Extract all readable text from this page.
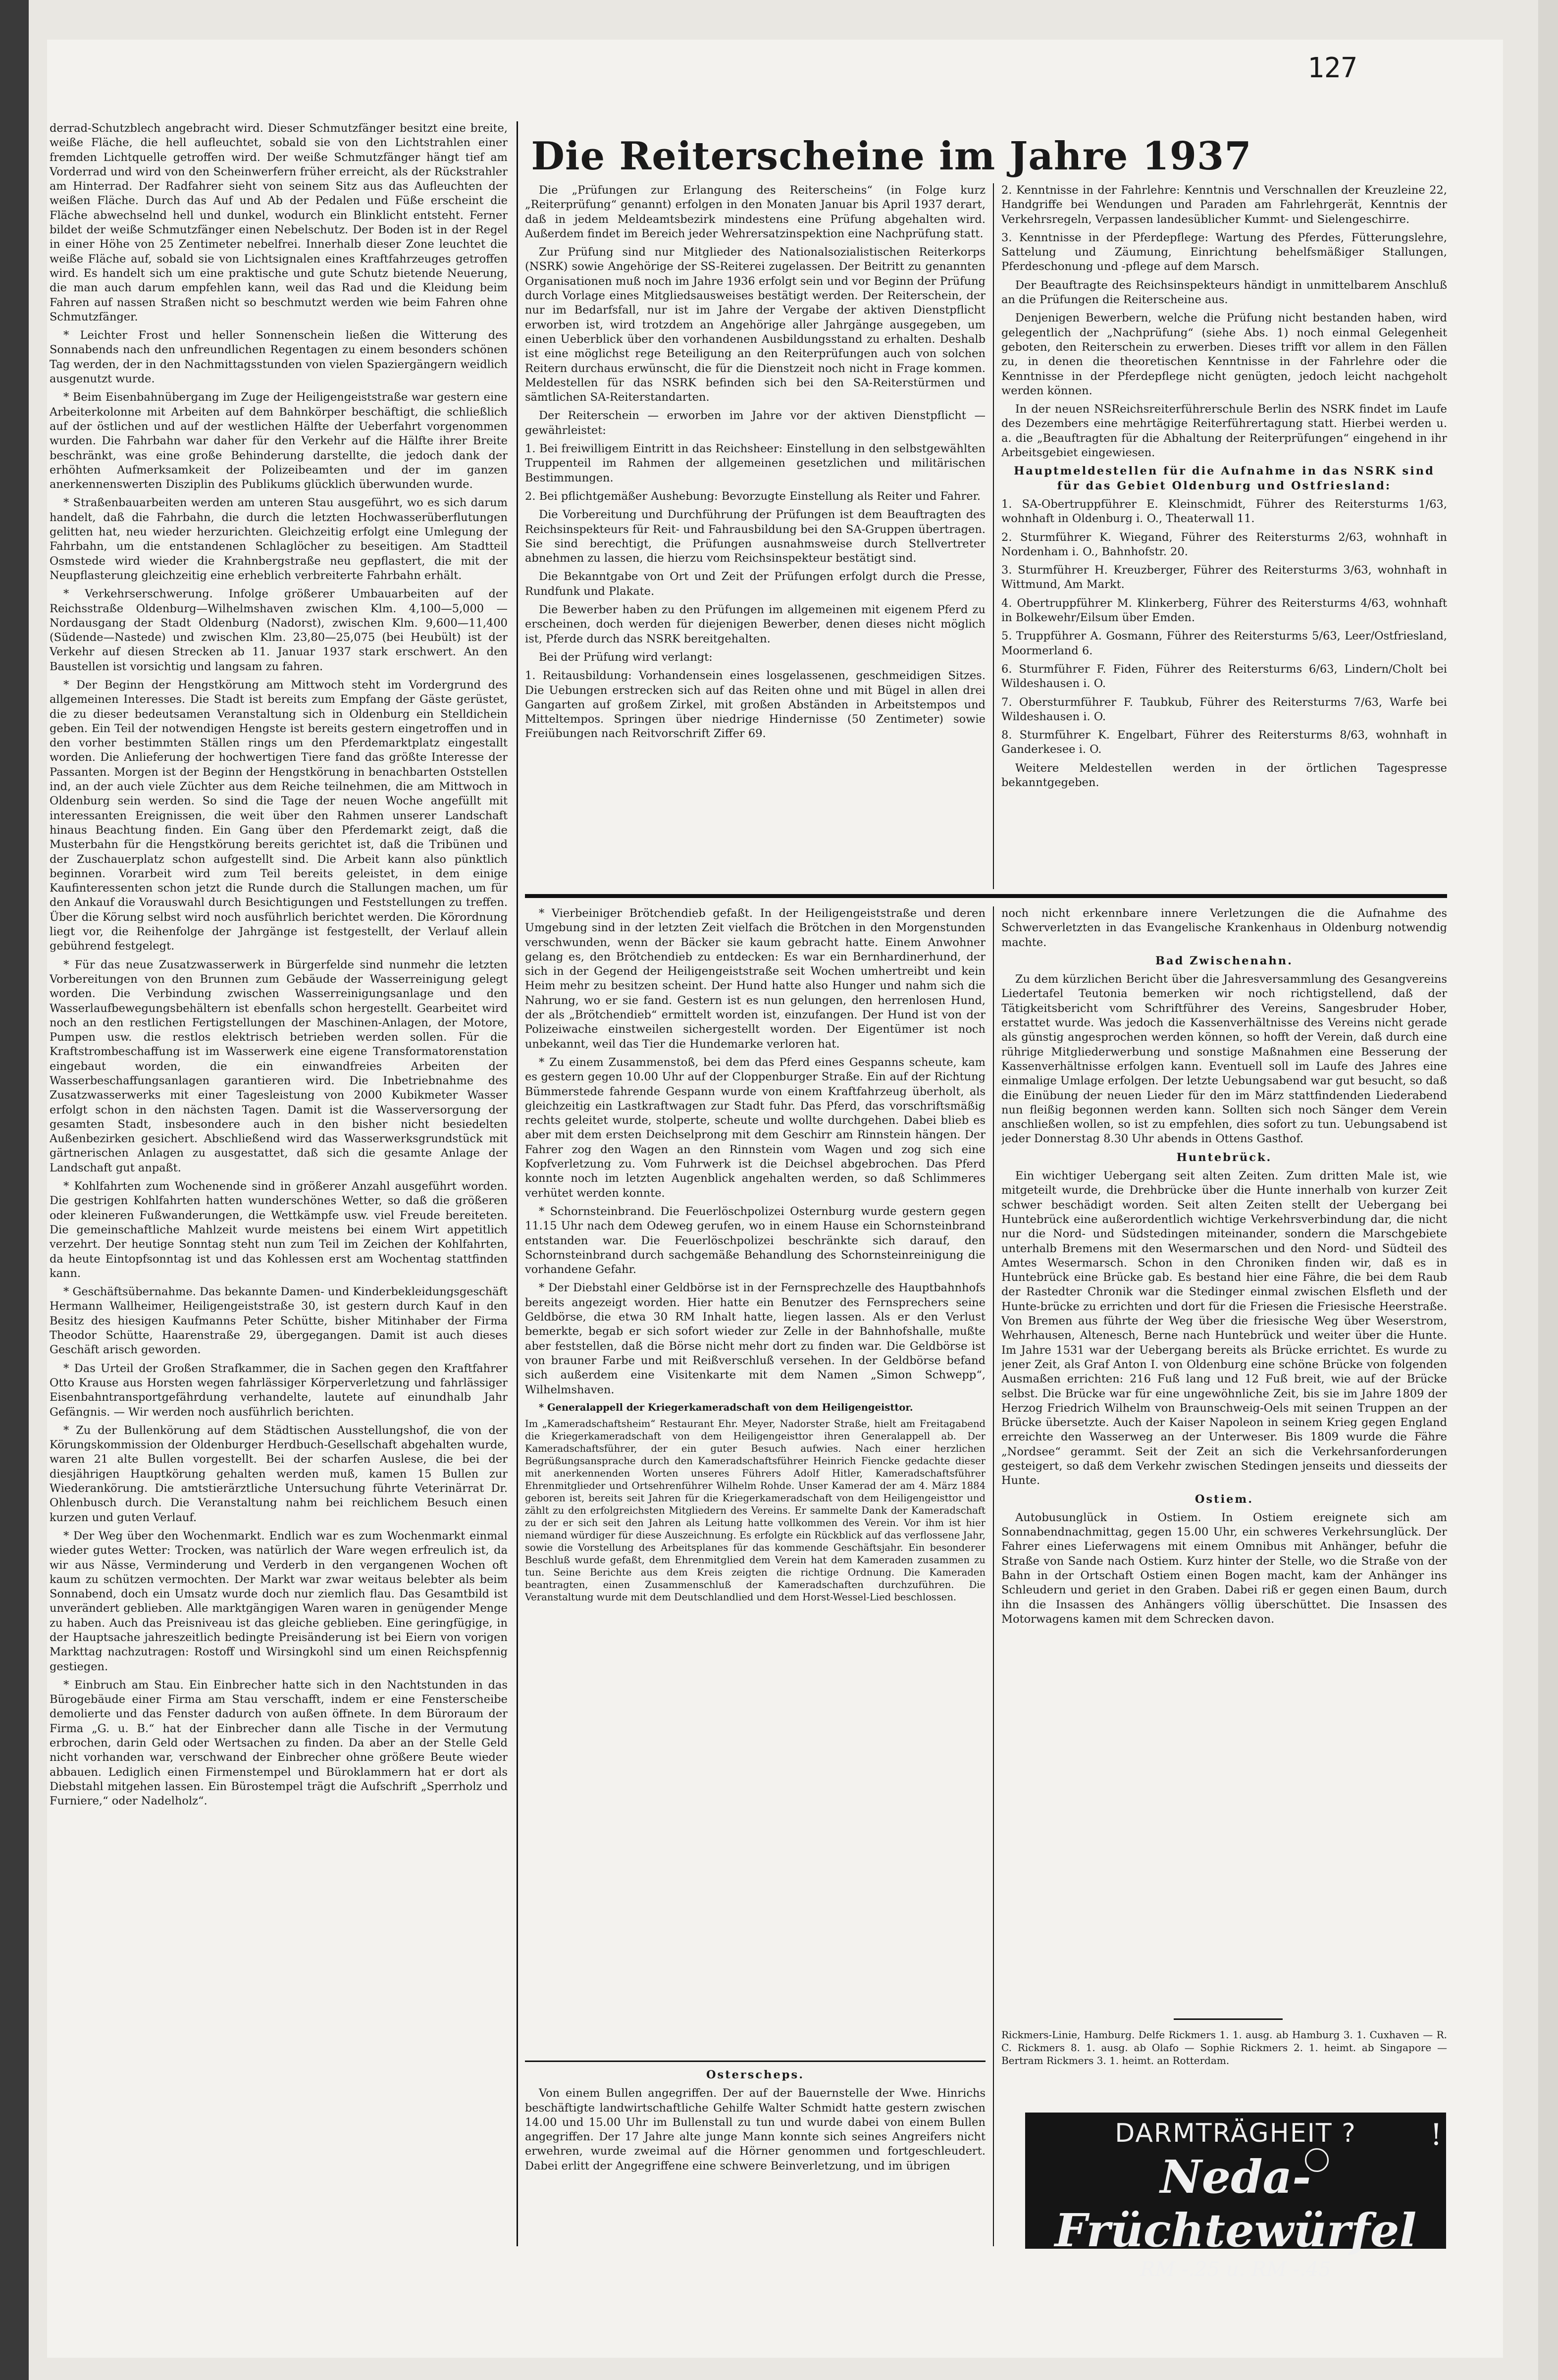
127

derrad-Schutzblech angebracht wird. Dieser Schmutzfänger besitzt eine breite, weiße Fläche, die hell aufleuchtet, sobald sie von den Lichtstrahlen einer fremden Lichtquelle getroffen wird. Der weiße Schmutzfänger hängt tief am Vorderrad und wird von den Scheinwerfern früher erreicht, als der Rückstrahler am Hinterrad. Der Radfahrer sieht von seinem Sitz aus das Aufleuchten der weißen Fläche. Durch das Auf und Ab der Pedalen und Füße erscheint die Fläche abwechselnd hell und dunkel, wodurch ein Blinklicht entsteht. Ferner bildet der weiße Schmutzfänger einen Nebelschutz. Der Boden ist in der Regel in einer Höhe von 25 Zentimeter nebelfrei. Innerhalb dieser Zone leuchtet die weiße Fläche auf, sobald sie von Lichtsignalen eines Kraftfahrzeuges getroffen wird. Es handelt sich um eine praktische und gute Schutz bietende Neuerung, die man auch darum empfehlen kann, weil das Rad und die Kleidung beim Fahren auf nassen Straßen nicht so beschmutzt werden wie beim Fahren ohne Schmutzfänger.

* Leichter Frost und heller Sonnenschein ließen die Witterung des Sonnabends nach den unfreundlichen Regentagen zu einem besonders schönen Tag werden, der in den Nachmittagsstunden von vielen Spaziergängern weidlich ausgenutzt wurde.

* Beim Eisenbahnübergang im Zuge der Heiligengeiststraße war gestern eine Arbeiterkolonne mit Arbeiten auf dem Bahnkörper beschäftigt, die schließlich auf der östlichen und auf der westlichen Hälfte der Ueberfahrt vorgenommen wurden. Die Fahrbahn war daher für den Verkehr auf die Hälfte ihrer Breite beschränkt, was eine große Behinderung darstellte, die jedoch dank der erhöhten Aufmerksamkeit der Polizeibeamten und der im ganzen anerkennenswerten Disziplin des Publikums glücklich überwunden wurde.

* Straßenbauarbeiten werden am unteren Stau ausgeführt, wo es sich darum handelt, daß die Fahrbahn, die durch die letzten Hochwasserüberflutungen gelitten hat, neu wieder herzurichten. Gleichzeitig erfolgt eine Umlegung der Fahrbahn, um die entstandenen Schlaglöcher zu beseitigen. Am Stadtteil Osmstede wird wieder die Krahnbergstraße neu gepflastert, die mit der Neupflasterung gleichzeitig eine erheblich verbreiterte Fahrbahn erhält.

* Verkehrserschwerung. Infolge größerer Umbauarbeiten auf der Reichsstraße Oldenburg—Wilhelmshaven zwischen Klm. 4,100—5,000 — Nordausgang der Stadt Oldenburg (Nadorst), zwischen Klm. 9,600—11,400 (Südende—Nastede) und zwischen Klm. 23,80—25,075 (bei Heubült) ist der Verkehr auf diesen Strecken ab 11. Januar 1937 stark erschwert. An den Baustellen ist vorsichtig und langsam zu fahren.

* Der Beginn der Hengstkörung am Mittwoch steht im Vordergrund des allgemeinen Interesses. Die Stadt ist bereits zum Empfang der Gäste gerüstet, die zu dieser bedeutsamen Veranstaltung sich in Oldenburg ein Stelldichein geben. Ein Teil der notwendigen Hengste ist bereits gestern eingetroffen und in den vorher bestimmten Ställen rings um den Pferdemarktplatz eingestallt worden. Die Anlieferung der hochwertigen Tiere fand das größte Interesse der Passanten. Morgen ist der Beginn der Hengstkörung in benachbarten Oststellen ind, an der auch viele Züchter aus dem Reiche teilnehmen, die am Mittwoch in Oldenburg sein werden. So sind die Tage der neuen Woche angefüllt mit interessanten Ereignissen, die weit über den Rahmen unserer Landschaft hinaus Beachtung finden. Ein Gang über den Pferdemarkt zeigt, daß die Musterbahn für die Hengstkörung bereits gerichtet ist, daß die Tribünen und der Zuschauerplatz schon aufgestellt sind. Die Arbeit kann also pünktlich beginnen. Vorarbeit wird zum Teil bereits geleistet, in dem einige Kaufinteressenten schon jetzt die Runde durch die Stallungen machen, um für den Ankauf die Vorauswahl durch Besichtigungen und Feststellungen zu treffen. Über die Körung selbst wird noch ausführlich berichtet werden. Die Körordnung liegt vor, die Reihenfolge der Jahrgänge ist festgestellt, der Verlauf allein gebührend festgelegt.

* Für das neue Zusatzwasserwerk in Bürgerfelde sind nunmehr die letzten Vorbereitungen von den Brunnen zum Gebäude der Wasserreinigung gelegt worden. Die Verbindung zwischen Wasserreinigungsanlage und den Wasserlaufbewegungsbehältern ist ebenfalls schon hergestellt. Gearbeitet wird noch an den restlichen Fertigstellungen der Maschinen-Anlagen, der Motore, Pumpen usw. die restlos elektrisch betrieben werden sollen. Für die Kraftstrombeschaffung ist im Wasserwerk eine eigene Transformatorenstation eingebaut worden, die ein einwandfreies Arbeiten der Wasserbeschaffungsanlagen garantieren wird. Die Inbetriebnahme des Zusatzwasserwerks mit einer Tagesleistung von 2000 Kubikmeter Wasser erfolgt schon in den nächsten Tagen. Damit ist die Wasserversorgung der gesamten Stadt, insbesondere auch in den bisher nicht besiedelten Außenbezirken gesichert. Abschließend wird das Wasserwerksgrundstück mit gärtnerischen Anlagen zu ausgestattet, daß sich die gesamte Anlage der Landschaft gut anpaßt.

* Kohlfahrten zum Wochenende sind in größerer Anzahl ausgeführt worden. Die gestrigen Kohlfahrten hatten wunderschönes Wetter, so daß die größeren oder kleineren Fußwanderungen, die Wettkämpfe usw. viel Freude bereiteten. Die gemeinschaftliche Mahlzeit wurde meistens bei einem Wirt appetitlich verzehrt. Der heutige Sonntag steht nun zum Teil im Zeichen der Kohlfahrten, da heute Eintopfsonntag ist und das Kohlessen erst am Wochentag stattfinden kann.

* Geschäftsübernahme. Das bekannte Damen- und Kinderbekleidungsgeschäft Hermann Wallheimer, Heiligengeiststraße 30, ist gestern durch Kauf in den Besitz des hiesigen Kaufmanns Peter Schütte, bisher Mitinhaber der Firma Theodor Schütte, Haarenstraße 29, übergegangen. Damit ist auch dieses Geschäft arisch geworden.

* Das Urteil der Großen Strafkammer, die in Sachen gegen den Kraftfahrer Otto Krause aus Horsten wegen fahrlässiger Körperverletzung und fahrlässiger Eisenbahntransportgefährdung verhandelte, lautete auf einundhalb Jahr Gefängnis. — Wir werden noch ausführlich berichten.

* Zu der Bullenkörung auf dem Städtischen Ausstellungshof, die von der Körungskommission der Oldenburger Herdbuch-Gesellschaft abgehalten wurde, waren 21 alte Bullen vorgestellt. Bei der scharfen Auslese, die bei der diesjährigen Hauptkörung gehalten werden muß, kamen 15 Bullen zur Wiederankörung. Die amtstierärztliche Untersuchung führte Veterinärrat Dr. Ohlenbusch durch. Die Veranstaltung nahm bei reichlichem Besuch einen kurzen und guten Verlauf.

* Der Weg über den Wochenmarkt. Endlich war es zum Wochenmarkt einmal wieder gutes Wetter: Trocken, was natürlich der Ware wegen erfreulich ist, da wir aus Nässe, Verminderung und Verderb in den vergangenen Wochen oft kaum zu schützen vermochten. Der Markt war zwar weitaus belebter als beim Sonnabend, doch ein Umsatz wurde doch nur ziemlich flau. Das Gesamtbild ist unverändert geblieben. Alle marktgängigen Waren waren in genügender Menge zu haben. Auch das Preisniveau ist das gleiche geblieben. Eine geringfügige, in der Hauptsache jahreszeitlich bedingte Preisänderung ist bei Eiern von vorigen Markttag nachzutragen: Rostoff und Wirsingkohl sind um einen Reichspfennig gestiegen.

* Einbruch am Stau. Ein Einbrecher hatte sich in den Nachtstunden in das Bürogebäude einer Firma am Stau verschafft, indem er eine Fensterscheibe demolierte und das Fenster dadurch von außen öffnete. In dem Büroraum der Firma „G. u. B.“ hat der Einbrecher dann alle Tische in der Vermutung erbrochen, darin Geld oder Wertsachen zu finden. Da aber an der Stelle Geld nicht vorhanden war, verschwand der Einbrecher ohne größere Beute wieder abbauen. Lediglich einen Firmenstempel und Büroklammern hat er dort als Diebstahl mitgehen lassen. Ein Bürostempel trägt die Aufschrift „Sperrholz und Furniere,“ oder Nadelholz“.

Die Reiterscheine im Jahre 1937

Die „Prüfungen zur Erlangung des Reiterscheins“ (in Folge kurz „Reiterprüfung“ genannt) erfolgen in den Monaten Januar bis April 1937 derart, daß in jedem Meldeamtsbezirk mindestens eine Prüfung abgehalten wird. Außerdem findet im Bereich jeder Wehrersatzinspektion eine Nachprüfung statt.

Zur Prüfung sind nur Mitglieder des Nationalsozialistischen Reiterkorps (NSRK) sowie Angehörige der SS-Reiterei zugelassen. Der Beitritt zu genannten Organisationen muß noch im Jahre 1936 erfolgt sein und vor Beginn der Prüfung durch Vorlage eines Mitgliedsausweises bestätigt werden. Der Reiterschein, der nur im Bedarfsfall, nur ist im Jahre der Vergabe der aktiven Dienstpflicht erworben ist, wird trotzdem an Angehörige aller Jahrgänge ausgegeben, um einen Ueberblick über den vorhandenen Ausbildungsstand zu erhalten. Deshalb ist eine möglichst rege Beteiligung an den Reiterprüfungen auch von solchen Reitern durchaus erwünscht, die für die Dienstzeit noch nicht in Frage kommen. Meldestellen für das NSRK befinden sich bei den SA-Reiterstürmen und sämtlichen SA-Reiterstandarten.

Der Reiterschein — erworben im Jahre vor der aktiven Dienstpflicht — gewährleistet:

1. Bei freiwilligem Eintritt in das Reichsheer: Einstellung in den selbstgewählten Truppenteil im Rahmen der allgemeinen gesetzlichen und militärischen Bestimmungen.

2. Bei pflichtgemäßer Aushebung: Bevorzugte Einstellung als Reiter und Fahrer.

Die Vorbereitung und Durchführung der Prüfungen ist dem Beauftragten des Reichsinspekteurs für Reit- und Fahrausbildung bei den SA-Gruppen übertragen. Sie sind berechtigt, die Prüfungen ausnahmsweise durch Stellvertreter abnehmen zu lassen, die hierzu vom Reichsinspekteur bestätigt sind.

Die Bekanntgabe von Ort und Zeit der Prüfungen erfolgt durch die Presse, Rundfunk und Plakate.

Die Bewerber haben zu den Prüfungen im allgemeinen mit eigenem Pferd zu erscheinen, doch werden für diejenigen Bewerber, denen dieses nicht möglich ist, Pferde durch das NSRK bereitgehalten.

Bei der Prüfung wird verlangt:

1. Reitausbildung: Vorhandensein eines losgelassenen, geschmeidigen Sitzes. Die Uebungen erstrecken sich auf das Reiten ohne und mit Bügel in allen drei Gangarten auf großem Zirkel, mit großen Abständen in Arbeitstempos und Mitteltempos. Springen über niedrige Hindernisse (50 Zentimeter) sowie Freiübungen nach Reitvorschrift Ziffer 69.

2. Kenntnisse in der Fahrlehre: Kenntnis und Verschnallen der Kreuzleine 22, Handgriffe bei Wendungen und Paraden am Fahrlehrgerät, Kenntnis der Verkehrsregeln, Verpassen landesüblicher Kummt- und Sielengeschirre.

3. Kenntnisse in der Pferdepflege: Wartung des Pferdes, Fütterungslehre, Sattelung und Zäumung, Einrichtung behelfsmäßiger Stallungen, Pferdeschonung und -pflege auf dem Marsch.

Der Beauftragte des Reichsinspekteurs händigt in unmittelbarem Anschluß an die Prüfungen die Reiterscheine aus.

Denjenigen Bewerbern, welche die Prüfung nicht bestanden haben, wird gelegentlich der „Nachprüfung“ (siehe Abs. 1) noch einmal Gelegenheit geboten, den Reiterschein zu erwerben. Dieses trifft vor allem in den Fällen zu, in denen die theoretischen Kenntnisse in der Fahrlehre oder die Kenntnisse in der Pferdepflege nicht genügten, jedoch leicht nachgeholt werden können.

In der neuen NSReichsreiterführerschule Berlin des NSRK findet im Laufe des Dezembers eine mehrtägige Reiterführertagung statt. Hierbei werden u. a. die „Beauftragten für die Abhaltung der Reiterprüfungen“ eingehend in ihr Arbeitsgebiet eingewiesen.

Hauptmeldestellen für die Aufnahme in das NSRK sind für das Gebiet Oldenburg und Ostfriesland:

1. SA-Obertruppführer E. Kleinschmidt, Führer des Reitersturms 1/63, wohnhaft in Oldenburg i. O., Theaterwall 11.

2. Sturmführer K. Wiegand, Führer des Reitersturms 2/63, wohnhaft in Nordenham i. O., Bahnhofstr. 20.

3. Sturmführer H. Kreuzberger, Führer des Reitersturms 3/63, wohnhaft in Wittmund, Am Markt.

4. Obertruppführer M. Klinkerberg, Führer des Reitersturms 4/63, wohnhaft in Bolkewehr/Eilsum über Emden.

5. Truppführer A. Gosmann, Führer des Reitersturms 5/63, Leer/Ostfriesland, Moormerland 6.

6. Sturmführer F. Fiden, Führer des Reitersturms 6/63, Lindern/Cholt bei Wildeshausen i. O.

7. Obersturmführer F. Taubkub, Führer des Reitersturms 7/63, Warfe bei Wildeshausen i. O.

8. Sturmführer K. Engelbart, Führer des Reitersturms 8/63, wohnhaft in Ganderkesee i. O.

Weitere Meldestellen werden in der örtlichen Tagespresse bekanntgegeben.

* Vierbeiniger Brötchendieb gefaßt. In der Heiligengeiststraße und deren Umgebung sind in der letzten Zeit vielfach die Brötchen in den Morgenstunden verschwunden, wenn der Bäcker sie kaum gebracht hatte. Einem Anwohner gelang es, den Brötchendieb zu entdecken: Es war ein Bernhardinerhund, der sich in der Gegend der Heiligengeiststraße seit Wochen umhertreibt und kein Heim mehr zu besitzen scheint. Der Hund hatte also Hunger und nahm sich die Nahrung, wo er sie fand. Gestern ist es nun gelungen, den herrenlosen Hund, der als „Brötchendieb“ ermittelt worden ist, einzufangen. Der Hund ist von der Polizeiwache einstweilen sichergestellt worden. Der Eigentümer ist noch unbekannt, weil das Tier die Hundemarke verloren hat.

* Zu einem Zusammenstoß, bei dem das Pferd eines Gespanns scheute, kam es gestern gegen 10.00 Uhr auf der Cloppenburger Straße. Ein auf der Richtung Bümmerstede fahrende Gespann wurde von einem Kraftfahrzeug überholt, als gleichzeitig ein Lastkraftwagen zur Stadt fuhr. Das Pferd, das vorschriftsmäßig rechts geleitet wurde, stolperte, scheute und wollte durchgehen. Dabei blieb es aber mit dem ersten Deichselprong mit dem Geschirr am Rinnstein hängen. Der Fahrer zog den Wagen an den Rinnstein vom Wagen und zog sich eine Kopfverletzung zu. Vom Fuhrwerk ist die Deichsel abgebrochen. Das Pferd konnte noch im letzten Augenblick angehalten werden, so daß Schlimmeres verhütet werden konnte.

* Schornsteinbrand. Die Feuerlöschpolizei Osternburg wurde gestern gegen 11.15 Uhr nach dem Odeweg gerufen, wo in einem Hause ein Schornsteinbrand entstanden war. Die Feuerlöschpolizei beschränkte sich darauf, den Schornsteinbrand durch sachgemäße Behandlung des Schornsteinreinigung die vorhandene Gefahr.

* Der Diebstahl einer Geldbörse ist in der Fernsprechzelle des Hauptbahnhofs bereits angezeigt worden. Hier hatte ein Benutzer des Fernsprechers seine Geldbörse, die etwa 30 RM Inhalt hatte, liegen lassen. Als er den Verlust bemerkte, begab er sich sofort wieder zur Zelle in der Bahnhofshalle, mußte aber feststellen, daß die Börse nicht mehr dort zu finden war. Die Geldbörse ist von brauner Farbe und mit Reißverschluß versehen. In der Geldbörse befand sich außerdem eine Visitenkarte mit dem Namen „Simon Schwepp“, Wilhelmshaven.

* Generalappell der Kriegerkameradschaft von dem Heiligengeisttor.

Im „Kameradschaftsheim“ Restaurant Ehr. Meyer, Nadorster Straße, hielt am Freitagabend die Kriegerkameradschaft von dem Heiligengeisttor ihren Generalappell ab. Der Kameradschaftsführer, der ein guter Besuch aufwies. Nach einer herzlichen Begrüßungsansprache durch den Kameradschaftsführer Heinrich Fiencke gedachte dieser mit anerkennenden Worten unseres Führers Adolf Hitler, Kameradschaftsführer Ehrenmitglieder und Ortsehrenführer Wilhelm Rohde. Unser Kamerad der am 4. März 1884 geboren ist, bereits seit Jahren für die Kriegerkameradschaft von dem Heiligengeisttor und zählt zu den erfolgreichsten Mitgliedern des Vereins. Er sammelte Dank der Kameradschaft zu der er sich seit den Jahren als Leitung hatte vollkommen des Verein. Vor ihm ist hier niemand würdiger für diese Auszeichnung. Es erfolgte ein Rückblick auf das verflossene Jahr, sowie die Vorstellung des Arbeitsplanes für das kommende Geschäftsjahr. Ein besonderer Beschluß wurde gefaßt, dem Ehrenmitglied dem Verein hat dem Kameraden zusammen zu tun. Seine Berichte aus dem Kreis zeigten die richtige Ordnung. Die Kameraden beantragten, einen Zusammenschluß der Kameradschaften durchzuführen. Die Veranstaltung wurde mit dem Deutschlandlied und dem Horst-Wessel-Lied beschlossen.

Osterscheps.

Von einem Bullen angegriffen. Der auf der Bauernstelle der Wwe. Hinrichs beschäftigte landwirtschaftliche Gehilfe Walter Schmidt hatte gestern zwischen 14.00 und 15.00 Uhr im Bullenstall zu tun und wurde dabei von einem Bullen angegriffen. Der 17 Jahre alte junge Mann konnte sich seines Angreifers nicht erwehren, wurde zweimal auf die Hörner genommen und fortgeschleudert. Dabei erlitt der Angegriffene eine schwere Beinverletzung, und im übrigen

noch nicht erkennbare innere Verletzungen die die Aufnahme des Schwerverletzten in das Evangelische Krankenhaus in Oldenburg notwendig machte.

Bad Zwischenahn.

Zu dem kürzlichen Bericht über die Jahresversammlung des Gesangvereins Liedertafel Teutonia bemerken wir noch richtigstellend, daß der Tätigkeitsbericht vom Schriftführer des Vereins, Sangesbruder Hober, erstattet wurde. Was jedoch die Kassenverhältnisse des Vereins nicht gerade als günstig angesprochen werden können, so hofft der Verein, daß durch eine rührige Mitgliederwerbung und sonstige Maßnahmen eine Besserung der Kassenverhältnisse erfolgen kann. Eventuell soll im Laufe des Jahres eine einmalige Umlage erfolgen. Der letzte Uebungsabend war gut besucht, so daß die Einübung der neuen Lieder für den im März stattfindenden Liederabend nun fleißig begonnen werden kann. Sollten sich noch Sänger dem Verein anschließen wollen, so ist zu empfehlen, dies sofort zu tun. Uebungsabend ist jeder Donnerstag 8.30 Uhr abends in Ottens Gasthof.

Huntebrück.

Ein wichtiger Uebergang seit alten Zeiten. Zum dritten Male ist, wie mitgeteilt wurde, die Drehbrücke über die Hunte innerhalb von kurzer Zeit schwer beschädigt worden. Seit alten Zeiten stellt der Uebergang bei Huntebrück eine außerordentlich wichtige Verkehrsverbindung dar, die nicht nur die Nord- und Südstedingen miteinander, sondern die Marschgebiete unterhalb Bremens mit den Wesermarschen und den Nord- und Südteil des Amtes Wesermarsch. Schon in den Chroniken finden wir, daß es in Huntebrück eine Brücke gab. Es bestand hier eine Fähre, die bei dem Raub der Rastedter Chronik war die Stedinger einmal zwischen Elsfleth und der Hunte-brücke zu errichten und dort für die Friesen die Friesische Heerstraße. Von Bremen aus führte der Weg über die friesische Weg über Weserstrom, Wehrhausen, Altenesch, Berne nach Huntebrück und weiter über die Hunte. Im Jahre 1531 war der Uebergang bereits als Brücke errichtet. Es wurde zu jener Zeit, als Graf Anton I. von Oldenburg eine schöne Brücke von folgenden Ausmaßen errichten: 216 Fuß lang und 12 Fuß breit, wie auf der Brücke selbst. Die Brücke war für eine ungewöhnliche Zeit, bis sie im Jahre 1809 der Herzog Friedrich Wilhelm von Braunschweig-Oels mit seinen Truppen an der Brücke übersetzte. Auch der Kaiser Napoleon in seinem Krieg gegen England erreichte den Wasserweg an der Unterweser. Bis 1809 wurde die Fähre „Nordsee“ gerammt. Seit der Zeit an sich die Verkehrsanforderungen gesteigert, so daß dem Verkehr zwischen Stedingen jenseits und diesseits der Hunte.

Ostiem.

Autobusunglück in Ostiem. In Ostiem ereignete sich am Sonnabendnachmittag, gegen 15.00 Uhr, ein schweres Verkehrsunglück. Der Fahrer eines Lieferwagens mit einem Omnibus mit Anhänger, befuhr die Straße von Sande nach Ostiem. Kurz hinter der Stelle, wo die Straße von der Bahn in der Ortschaft Ostiem einen Bogen macht, kam der Anhänger ins Schleudern und geriet in den Graben. Dabei riß er gegen einen Baum, durch ihn die Insassen des Anhängers völlig überschüttet. Die Insassen des Motorwagens kamen mit dem Schrecken davon.

Rickmers-Linie, Hamburg. Delfe Rickmers 1. 1. ausg. ab Hamburg 3. 1. Cuxhaven — R. C. Rickmers 8. 1. ausg. ab Olafo — Sophie Rickmers 2. 1. heimt. ab Singapore — Bertram Rickmers 3. 1. heimt. an Rotterdam.
DARMTRÄGHEIT ?
Neda-Früchtewürfel
RM -.25 u. RM -.45
!
